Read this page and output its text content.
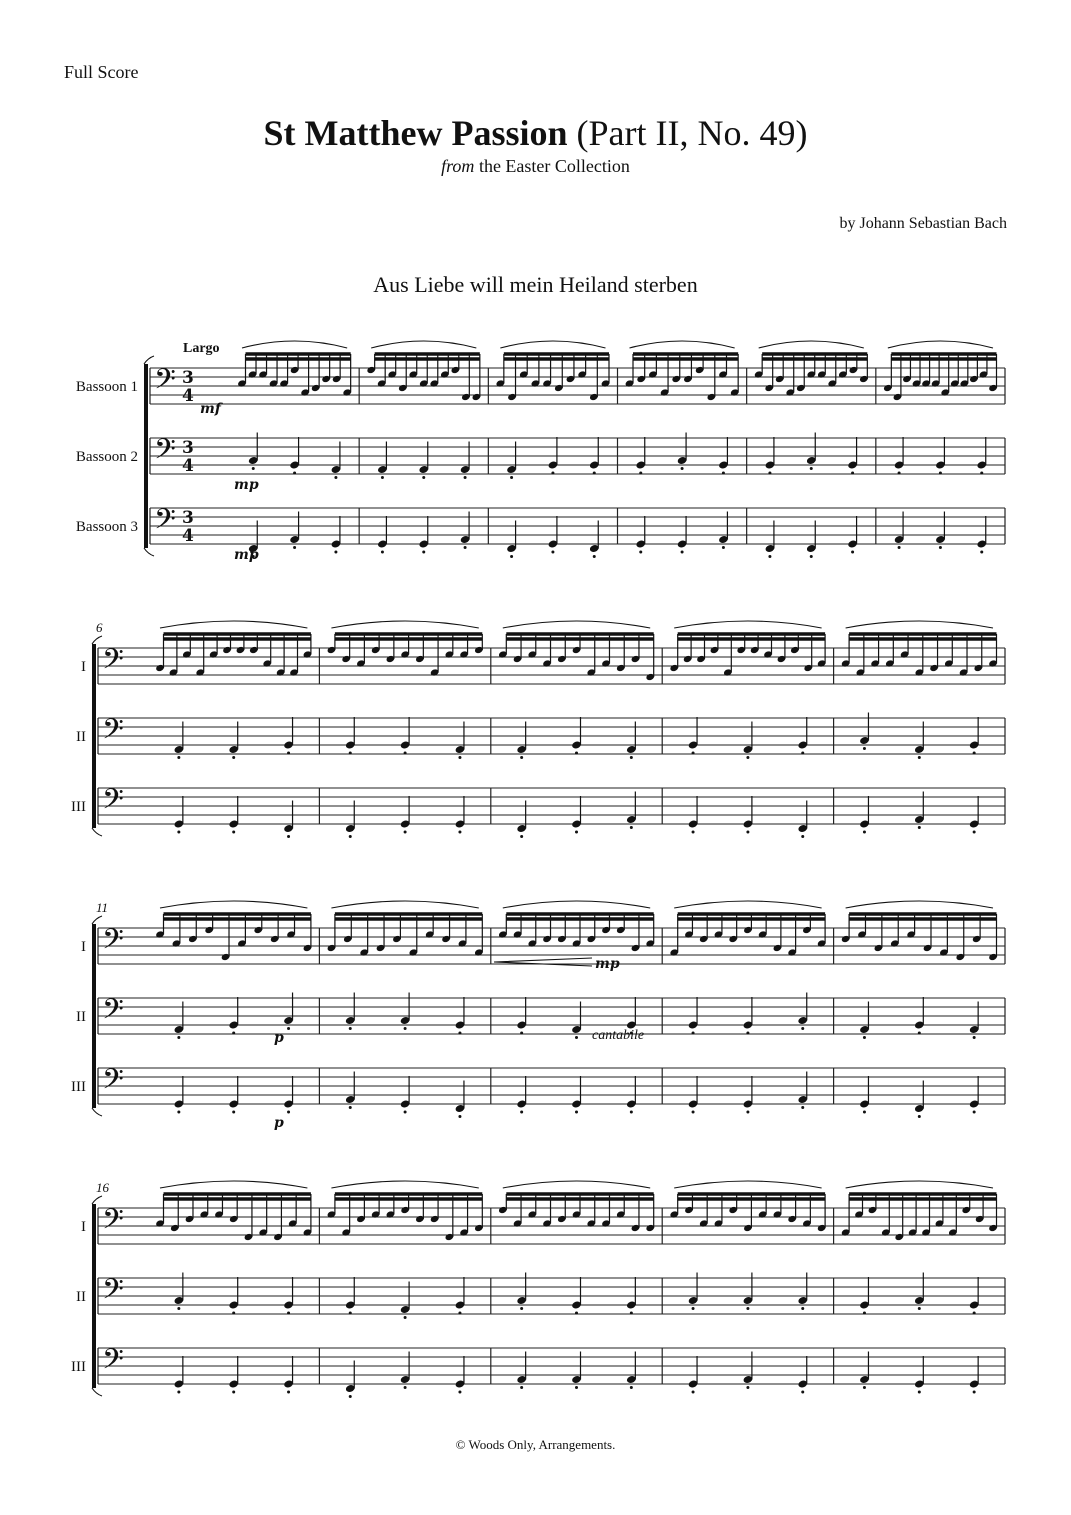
Full Score
St Matthew Passion (Part II, No. 49)
from the Easter Collection
by Johann Sebastian Bach
Aus Liebe will mein Heiland sterben
Largo
Bassoon 1 𝄢 3
4
Bassoon 2 𝄢 3
4
Bassoon 3 𝄢 3
4
6
I 𝄢
II 𝄢
III 𝄢
11
I 𝄢
II 𝄢
III 𝄢
16
I 𝄢
II 𝄢
III 𝄢
mf
mp
mp
p
p
mp
cantabile
© Woods Only, Arrangements.
